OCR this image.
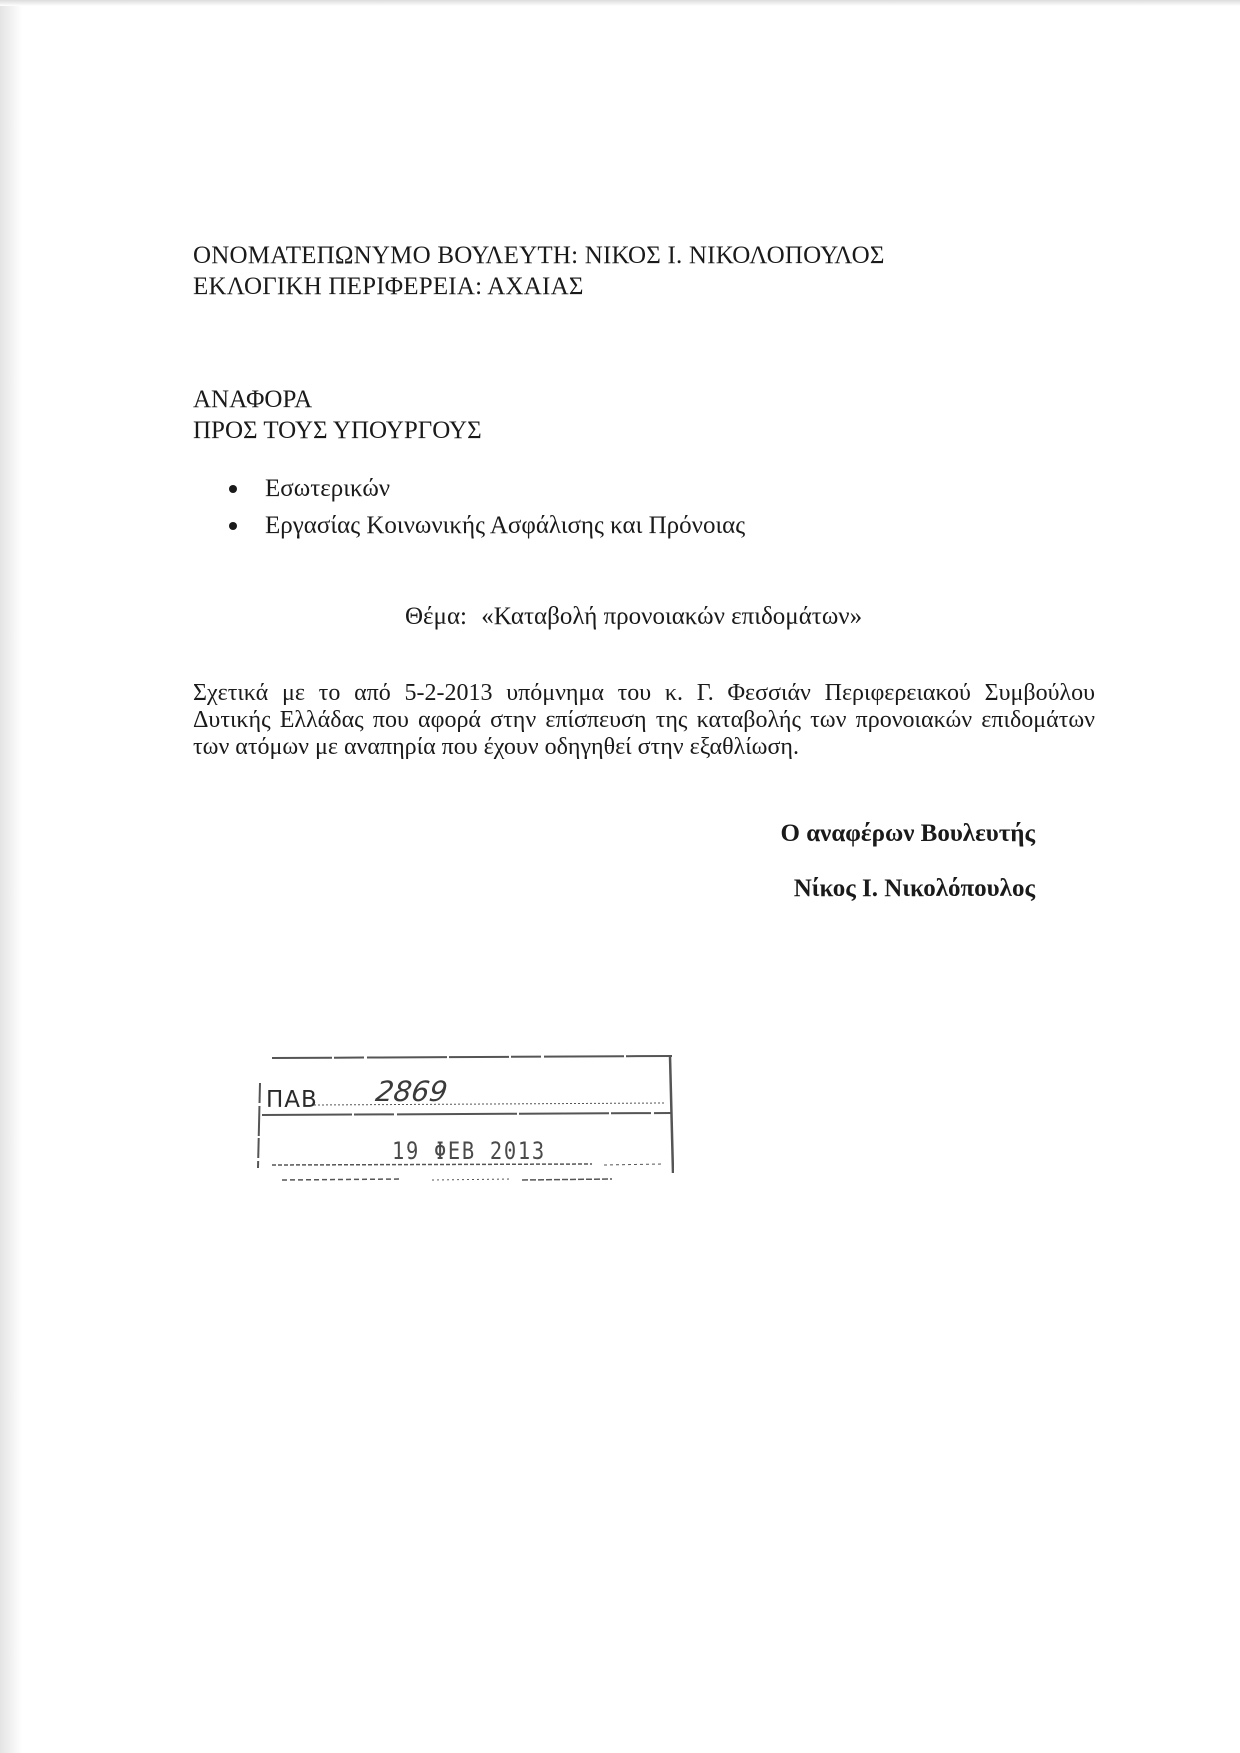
ΟΝΟΜΑΤΕΠΩΝΥΜΟ ΒΟΥΛΕΥΤΗ: ΝΙΚΟΣ Ι. ΝΙΚΟΛΟΠΟΥΛΟΣ
ΕΚΛΟΓΙΚΗ ΠΕΡΙΦΕΡΕΙΑ: ΑΧΑΙΑΣ
ΑΝΑΦΟΡΑ
ΠΡΟΣ ΤΟΥΣ ΥΠΟΥΡΓΟΥΣ
Εσωτερικών
Εργασίας Κοινωνικής Ασφάλισης και Πρόνοιας
Θέμα: «Καταβολή προνοιακών επιδομάτων»
Σχετικά με το από 5-2-2013 υπόμνημα του κ. Γ. Φεσσιάν Περιφερειακού Συμβούλου
Δυτικής Ελλάδας που αφορά στην επίσπευση της καταβολής των προνοιακών επιδομάτων
των ατόμων με αναπηρία που έχουν οδηγηθεί στην εξαθλίωση.
Ο αναφέρων Βουλευτής
Νίκος Ι. Νικολόπουλος
ΠΑΒ 2869
19 ΦΕΒ 2013
